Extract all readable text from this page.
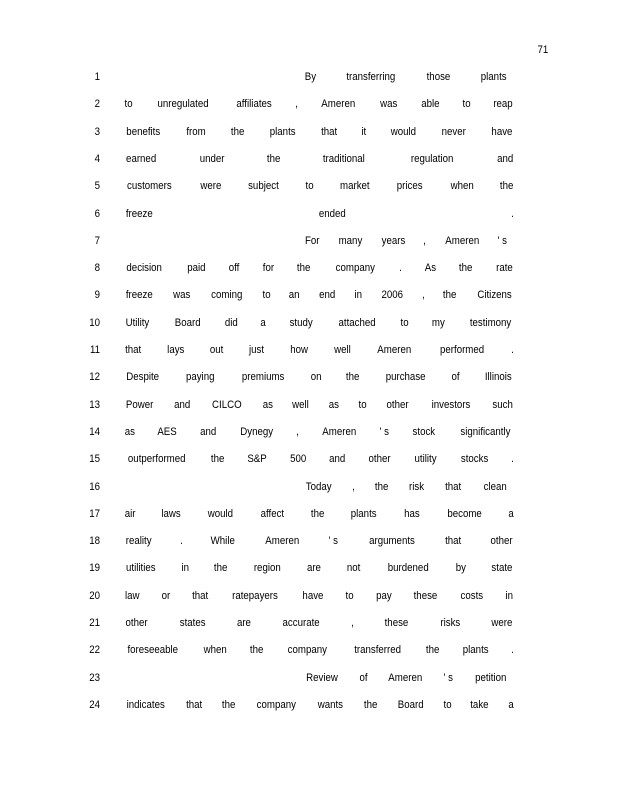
71
1	By	transferring	those	plants
2 to unregulated affiliates , Ameren was able to reap
3 benefits from the plants that it would never have
4 earned	under	the	traditional	regulation	and
5 customers	were subject to market	prices when the
6 freeze	ended	.
7	For many years , Ameren ' s
8 decision paid off for the company . As the rate
9 freeze was coming to an end in 2006 , the Citizens
10 Utility Board did a study attached to my testimony
11 that lays out just how well Ameren	performed .
12 Despite paying	premiums on the purchase of Illinois
13 Power and CILCO as well as to other investors such
14 as AES and Dynegy , Ameren ' s stock significantly
15	outperformed the S&P 500 and other utility stocks .
16	Today , the risk that clean
17 air laws would affect the plants has become a
18 reality	.	While	Ameren	' s	arguments	that	other
19 utilities in the region are not burdened by state
20 law or that ratepayers have to pay these costs in
21 other	states	are	accurate	,	these	risks	were
22 foreseeable when the company transferred the plants .
23	Review of Ameren ' s petition
24 indicates that the company wants the Board to take a
